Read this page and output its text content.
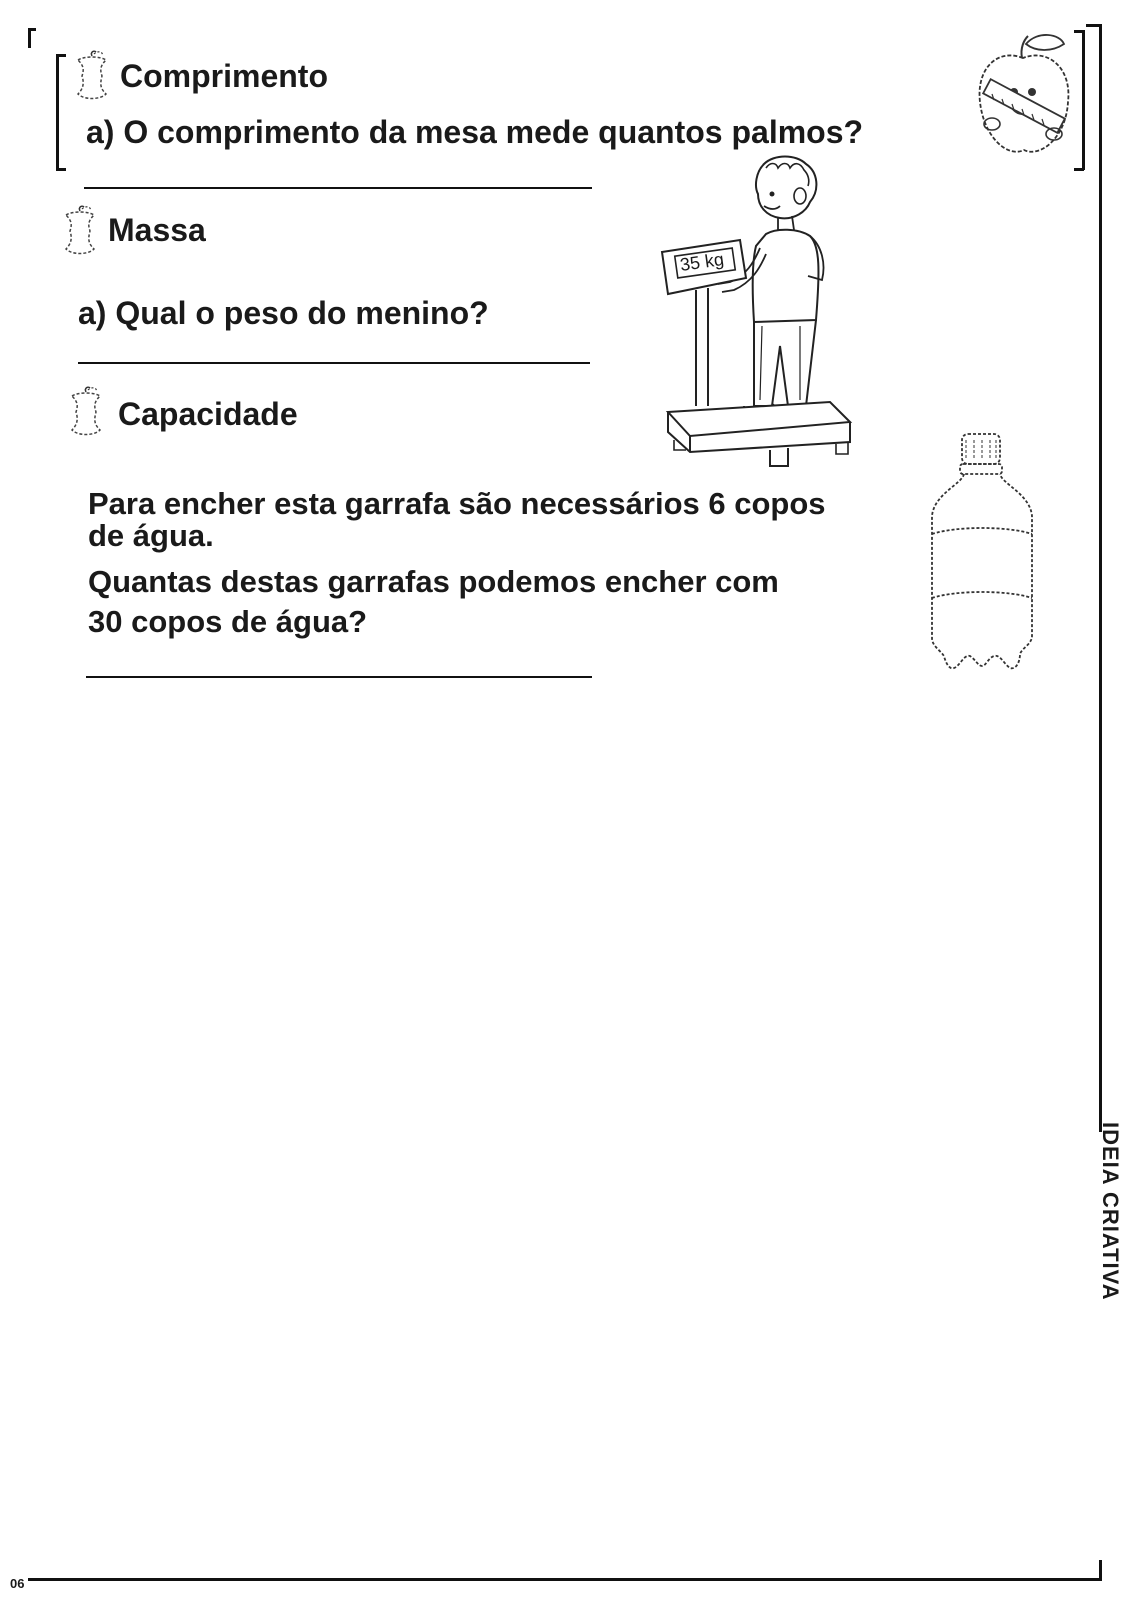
Comprimento
a) O comprimento da mesa mede quantos palmos?
Massa
a) Qual o peso do menino?
35 kg
Capacidade
Para encher esta garrafa são necessários 6 copos
de água.
Quantas destas garrafas podemos encher com
30 copos de água?
IDEIA CRIATIVA
06
